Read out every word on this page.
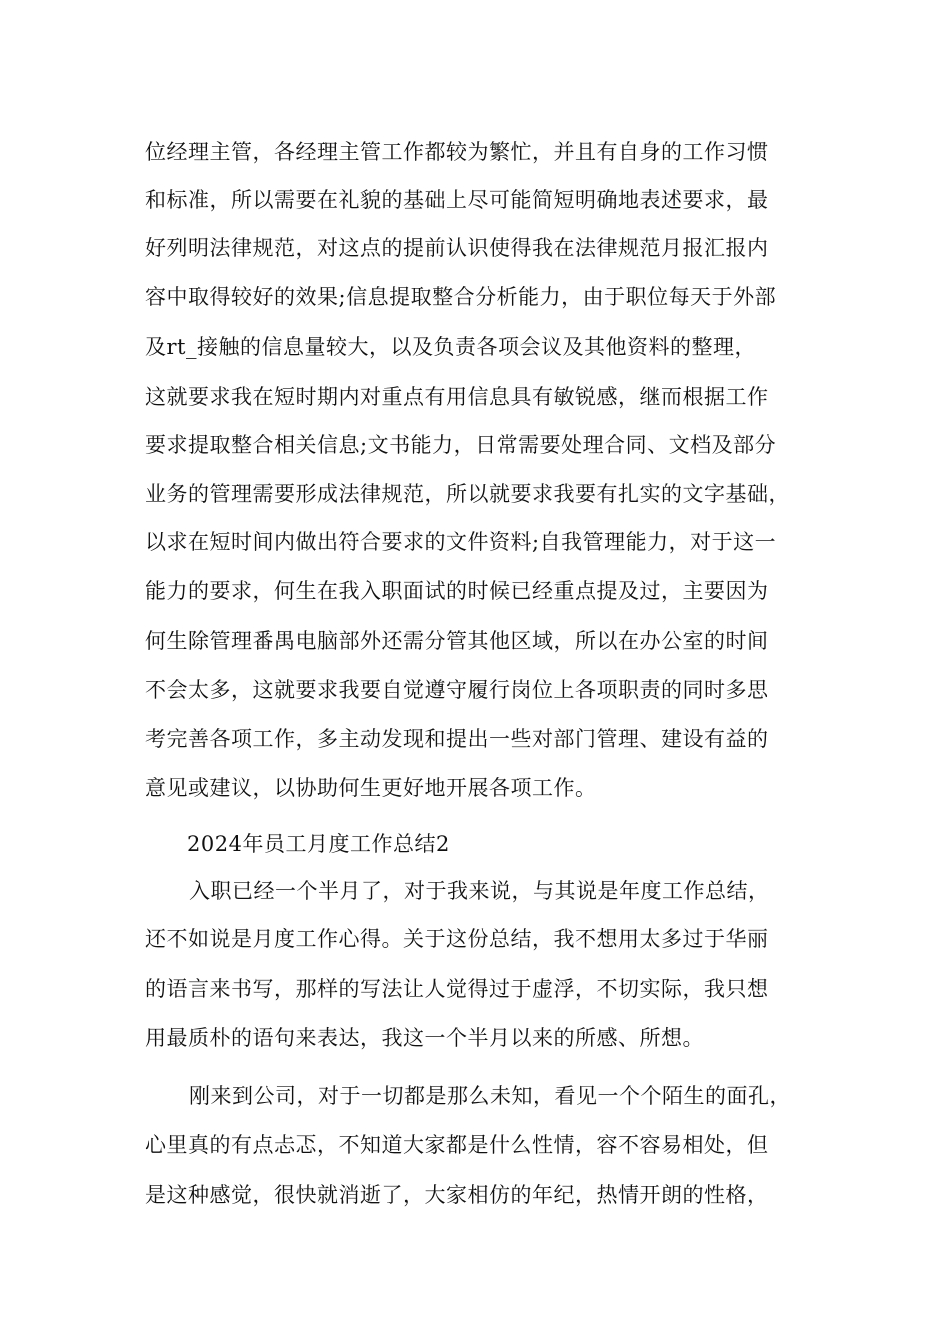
位经理主管，各经理主管工作都较为繁忙，并且有自身的工作习惯
和标准，所以需要在礼貌的基础上尽可能简短明确地表述要求，最
好列明法律规范，对这点的提前认识使得我在法律规范月报汇报内
容中取得较好的效果;信息提取整合分析能力，由于职位每天于外部
及rt_接触的信息量较大，以及负责各项会议及其他资料的整理，
这就要求我在短时期内对重点有用信息具有敏锐感，继而根据工作
要求提取整合相关信息;文书能力，日常需要处理合同、文档及部分
业务的管理需要形成法律规范，所以就要求我要有扎实的文字基础，
以求在短时间内做出符合要求的文件资料;自我管理能力，对于这一
能力的要求，何生在我入职面试的时候已经重点提及过，主要因为
何生除管理番禺电脑部外还需分管其他区域，所以在办公室的时间
不会太多，这就要求我要自觉遵守履行岗位上各项职责的同时多思
考完善各项工作，多主动发现和提出一些对部门管理、建设有益的
意见或建议，以协助何生更好地开展各项工作。
2024年员工月度工作总结2
入职已经一个半月了，对于我来说，与其说是年度工作总结，
还不如说是月度工作心得。关于这份总结，我不想用太多过于华丽
的语言来书写，那样的写法让人觉得过于虚浮，不切实际，我只想
用最质朴的语句来表达，我这一个半月以来的所感、所想。
刚来到公司，对于一切都是那么未知，看见一个个陌生的面孔，
心里真的有点忐忑，不知道大家都是什么性情，容不容易相处，但
是这种感觉，很快就消逝了，大家相仿的年纪，热情开朗的性格，
